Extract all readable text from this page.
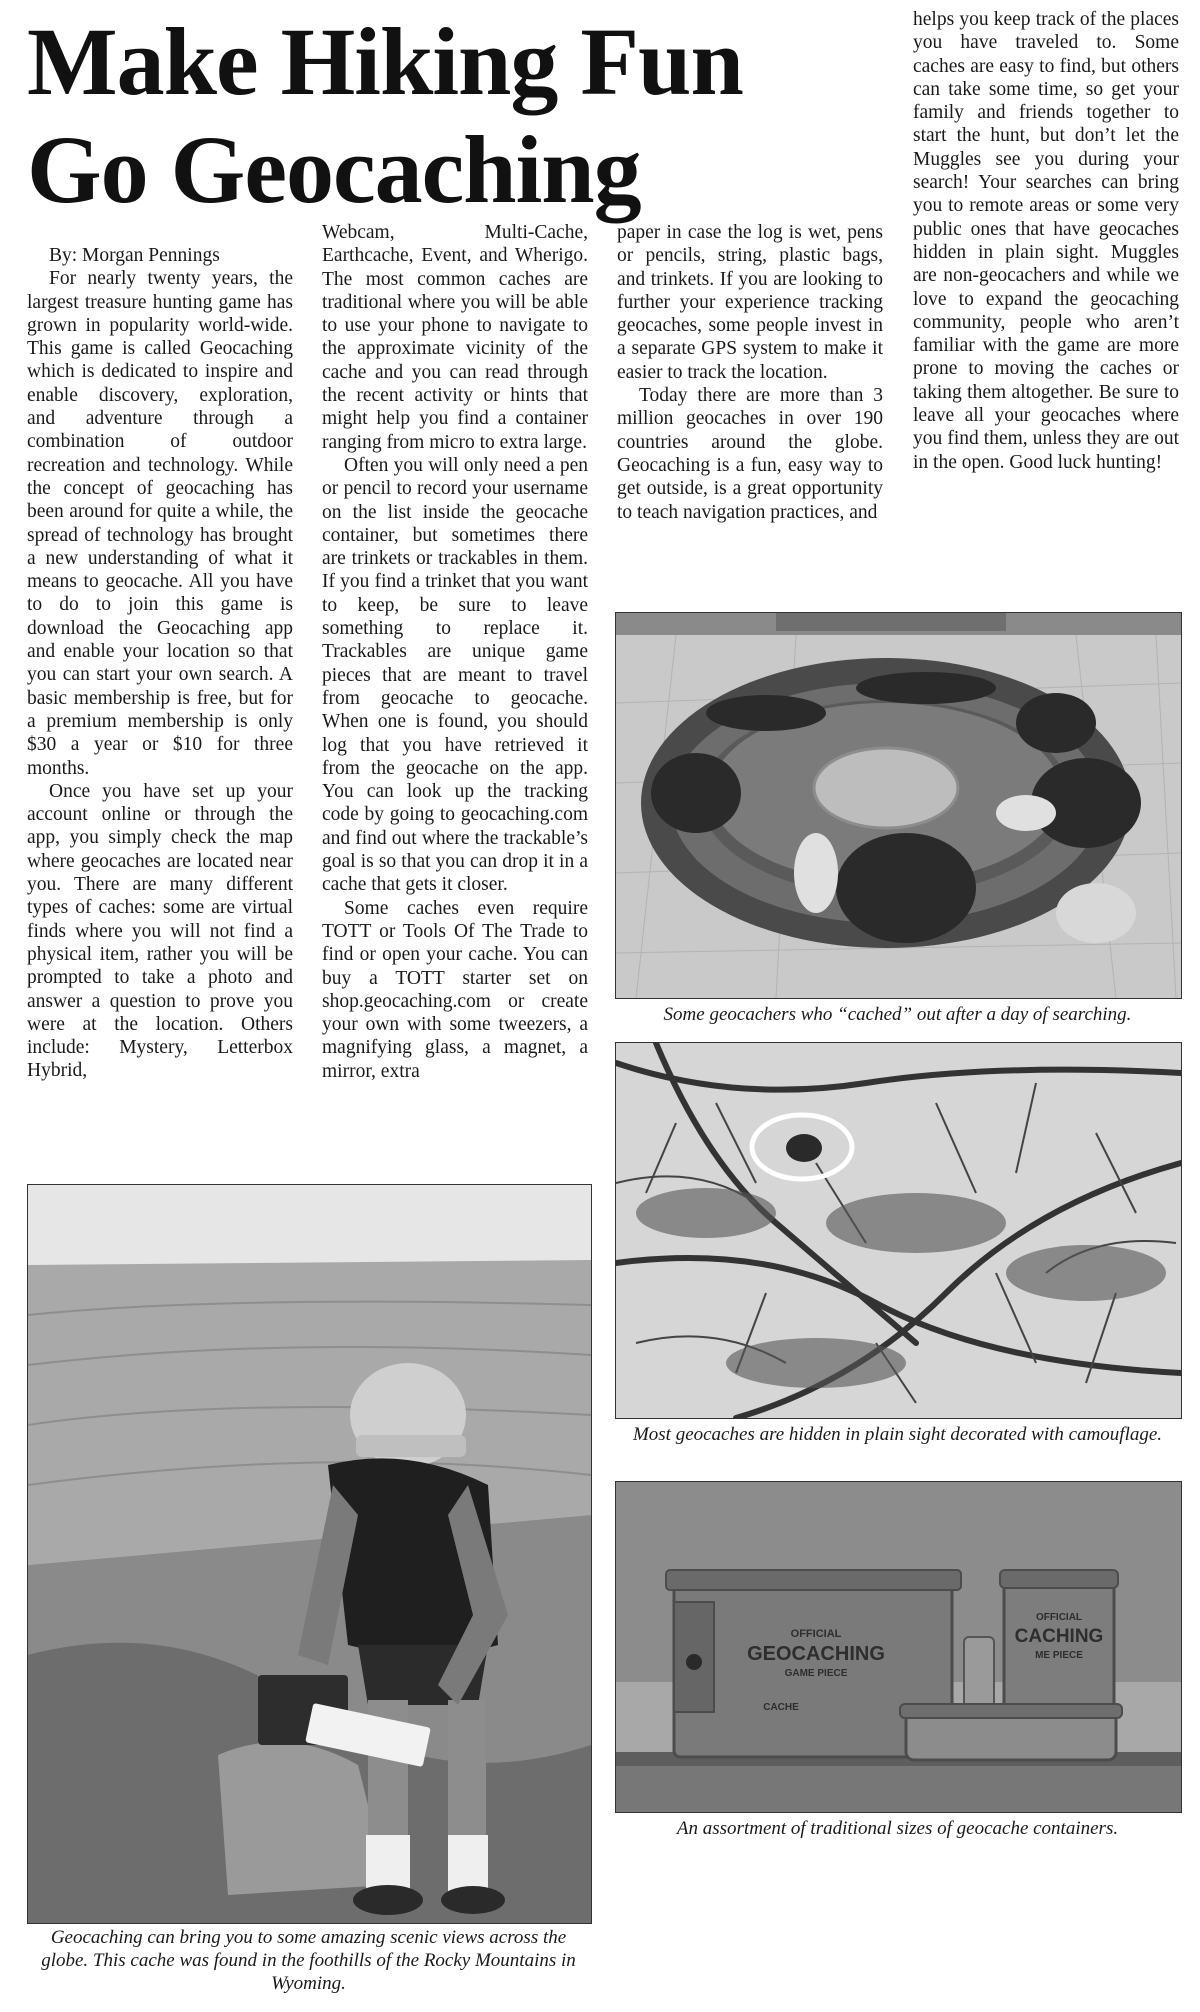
Make Hiking Fun
Go Geocaching

By: Morgan Pennings

For nearly twenty years, the largest treasure hunting game has grown in popularity world-wide. This game is called Geocaching which is dedicated to inspire and enable discovery, exploration, and adventure through a combination of outdoor recreation and technology. While the concept of geocaching has been around for quite a while, the spread of technology has brought a new understanding of what it means to geocache. All you have to do to join this game is download the Geocaching app and enable your location so that you can start your own search. A basic membership is free, but for a premium membership is only $30 a year or $10 for three months.

Once you have set up your account online or through the app, you simply check the map where geocaches are located near you. There are many different types of caches: some are virtual finds where you will not find a physical item, rather you will be prompted to take a photo and answer a question to prove you were at the location. Others include: Mystery, Letterbox Hybrid,

Webcam, Multi-Cache, Earthcache, Event, and Wherigo. The most common caches are traditional where you will be able to use your phone to navigate to the approximate vicinity of the cache and you can read through the recent activity or hints that might help you find a container ranging from micro to extra large.

Often you will only need a pen or pencil to record your username on the list inside the geocache container, but sometimes there are trinkets or trackables in them. If you find a trinket that you want to keep, be sure to leave something to replace it. Trackables are unique game pieces that are meant to travel from geocache to geocache. When one is found, you should log that you have retrieved it from the geocache on the app. You can look up the tracking code by going to geocaching.com and find out where the trackable’s goal is so that you can drop it in a cache that gets it closer.

Some caches even require TOTT or Tools Of The Trade to find or open your cache. You can buy a TOTT starter set on shop.geocaching.com or create your own with some tweezers, a magnifying glass, a magnet, a mirror, extra

paper in case the log is wet, pens or pencils, string, plastic bags, and trinkets. If you are looking to further your experience tracking geocaches, some people invest in a separate GPS system to make it easier to track the location.

Today there are more than 3 million geocaches in over 190 countries around the globe. Geocaching is a fun, easy way to get outside, is a great opportunity to teach navigation practices, and

helps you keep track of the places you have traveled to. Some caches are easy to find, but others can take some time, so get your family and friends together to start the hunt, but don’t let the Muggles see you during your search! Your searches can bring you to remote areas or some very public ones that have geocaches hidden in plain sight. Muggles are non-geocachers and while we love to expand the geocaching community, people who aren’t familiar with the game are more prone to moving the caches or taking them altogether. Be sure to leave all your geocaches where you find them, unless they are out in the open. Good luck hunting!

Some geocachers who “cached” out after a day of searching.
Most geocaches are hidden in plain sight decorated with camouflage.
OFFICIAL
GEOCACHING
GAME PIECE
CACHE
OFFICIAL
CACHING
ME PIECE
An assortment of traditional sizes of geocache containers.
Geocaching can bring you to some amazing scenic views across the globe. This cache was found in the foothills of the Rocky Mountains in Wyoming.
